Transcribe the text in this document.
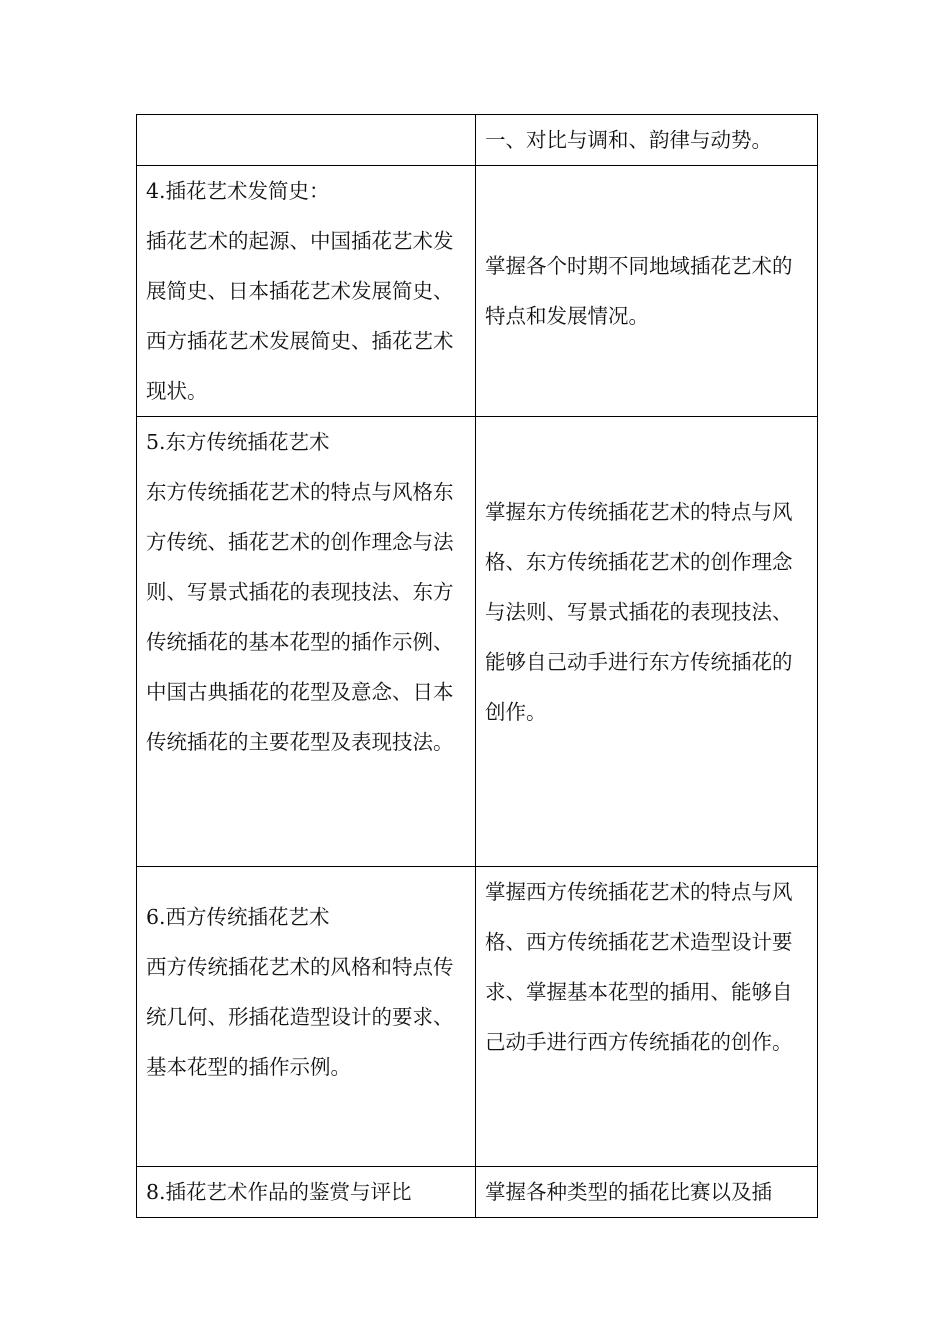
	一、对比与调和、韵律与动势。

4.插花艺术发简史：
插花艺术的起源、中国插花艺术发展简史、日本插花艺术发展简史、西方插花艺术发展简史、插花艺术现状。	掌握各个时期不同地域插花艺术的特点和发展情况。

5.东方传统插花艺术
东方传统插花艺术的特点与风格东方传统、插花艺术的创作理念与法则、写景式插花的表现技法、东方传统插花的基本花型的插作示例、中国古典插花的花型及意念、日本传统插花的主要花型及表现技法。	掌握东方传统插花艺术的特点与风格、东方传统插花艺术的创作理念与法则、写景式插花的表现技法、能够自己动手进行东方传统插花的创作。

6.西方传统插花艺术
西方传统插花艺术的风格和特点传统几何、形插花造型设计的要求、基本花型的插作示例。	掌握西方传统插花艺术的特点与风格、西方传统插花艺术造型设计要求、掌握基本花型的插用、能够自己动手进行西方传统插花的创作。

8.插花艺术作品的鉴赏与评比	掌握各种类型的插花比赛以及插
